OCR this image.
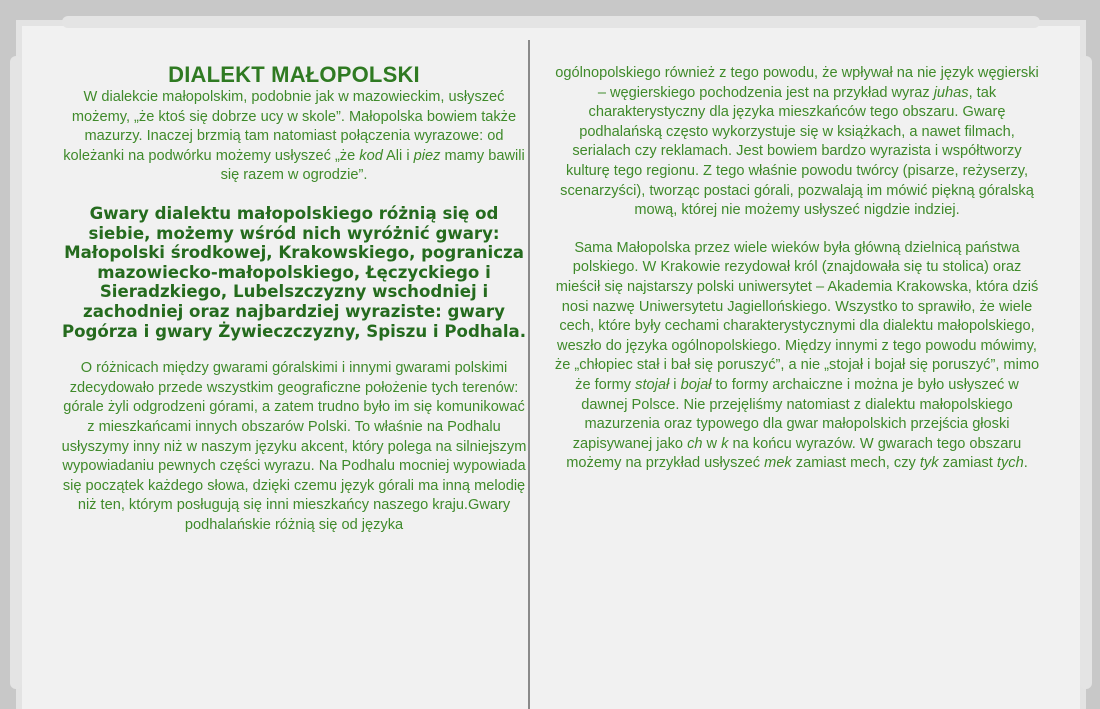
DIALEKT MAŁOPOLSKI

W dialekcie małopolskim, podobnie jak w mazowieckim, usłyszeć możemy, „że ktoś się dobrze ucy w skole”. Małopolska bowiem także mazurzy. Inaczej brzmią tam natomiast połączenia wyrazowe: od koleżanki na podwórku możemy usłyszeć „że kod Ali i piez mamy bawili się razem w ogrodzie”.

Gwary dialektu małopolskiego różnią się od siebie, możemy wśród nich wyróżnić gwary: Małopolski środkowej, Krakowskiego, pogranicza mazowiecko-małopolskiego, Łęczyckiego i Sieradzkiego, Lubelszczyzny wschodniej i zachodniej oraz najbardziej wyraziste: gwary Pogórza i gwary Żywieczczyzny, Spiszu i Podhala.

O różnicach między gwarami góralskimi i innymi gwarami polskimi zdecydowało przede wszystkim geograficzne położenie tych terenów: górale żyli odgrodzeni górami, a zatem trudno było im się komunikować z mieszkańcami innych obszarów Polski. To właśnie na Podhalu usłyszymy inny niż w naszym języku akcent, który polega na silniejszym wypowiadaniu pewnych części wyrazu. Na Podhalu mocniej wypowiada się początek każdego słowa, dzięki czemu język górali ma inną melodię niż ten, którym posługują się inni mieszkańcy naszego kraju.Gwary podhalańskie różnią się od języka

ogólnopolskiego również z tego powodu, że wpływał na nie język węgierski – węgierskiego pochodzenia jest na przykład wyraz juhas, tak charakterystyczny dla języka mieszkańców tego obszaru. Gwarę podhalańską często wykorzystuje się w książkach, a nawet filmach, serialach czy reklamach. Jest bowiem bardzo wyrazista i współtworzy kulturę tego regionu. Z tego właśnie powodu twórcy (pisarze, reżyserzy, scenarzyści), tworząc postaci górali, pozwalają im mówić piękną góralską mową, której nie możemy usłyszeć nigdzie indziej.

Sama Małopolska przez wiele wieków była główną dzielnicą państwa polskiego. W Krakowie rezydował król (znajdowała się tu stolica) oraz mieścił się najstarszy polski uniwersytet – Akademia Krakowska, która dziś nosi nazwę Uniwersytetu Jagiellońskiego. Wszystko to sprawiło, że wiele cech, które były cechami charakterystycznymi dla dialektu małopolskiego, weszło do języka ogólnopolskiego. Między innymi z tego powodu mówimy, że „chłopiec stał i bał się poruszyć”, a nie „stojał i bojał się poruszyć”, mimo że formy stojał i bojał to formy archaiczne i można je było usłyszeć w dawnej Polsce. Nie przejęliśmy natomiast z dialektu małopolskiego mazurzenia oraz typowego dla gwar małopolskich przejścia głoski zapisywanej jako ch w k na końcu wyrazów. W gwarach tego obszaru możemy na przykład usłyszeć mek zamiast mech, czy tyk zamiast tych.
